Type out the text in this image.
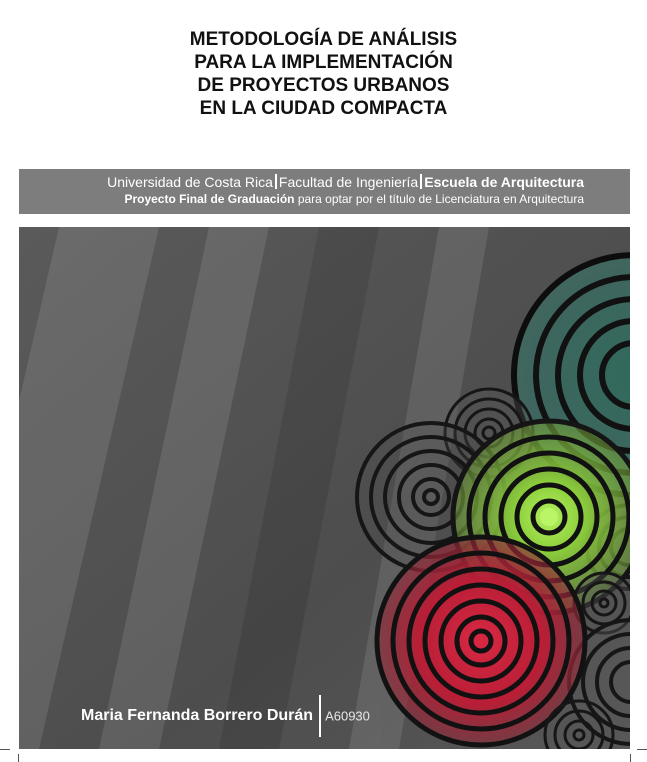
METODOLOGÍA DE ANÁLISIS
PARA LA IMPLEMENTACIÓN
DE PROYECTOS URBANOS
EN LA CIUDAD COMPACTA
Universidad de Costa Rica Facultad de Ingeniería Escuela de Arquitectura
Proyecto Final de Graduación para optar por el título de Licenciatura en Arquitectura
Maria Fernanda Borrero Durán A60930
